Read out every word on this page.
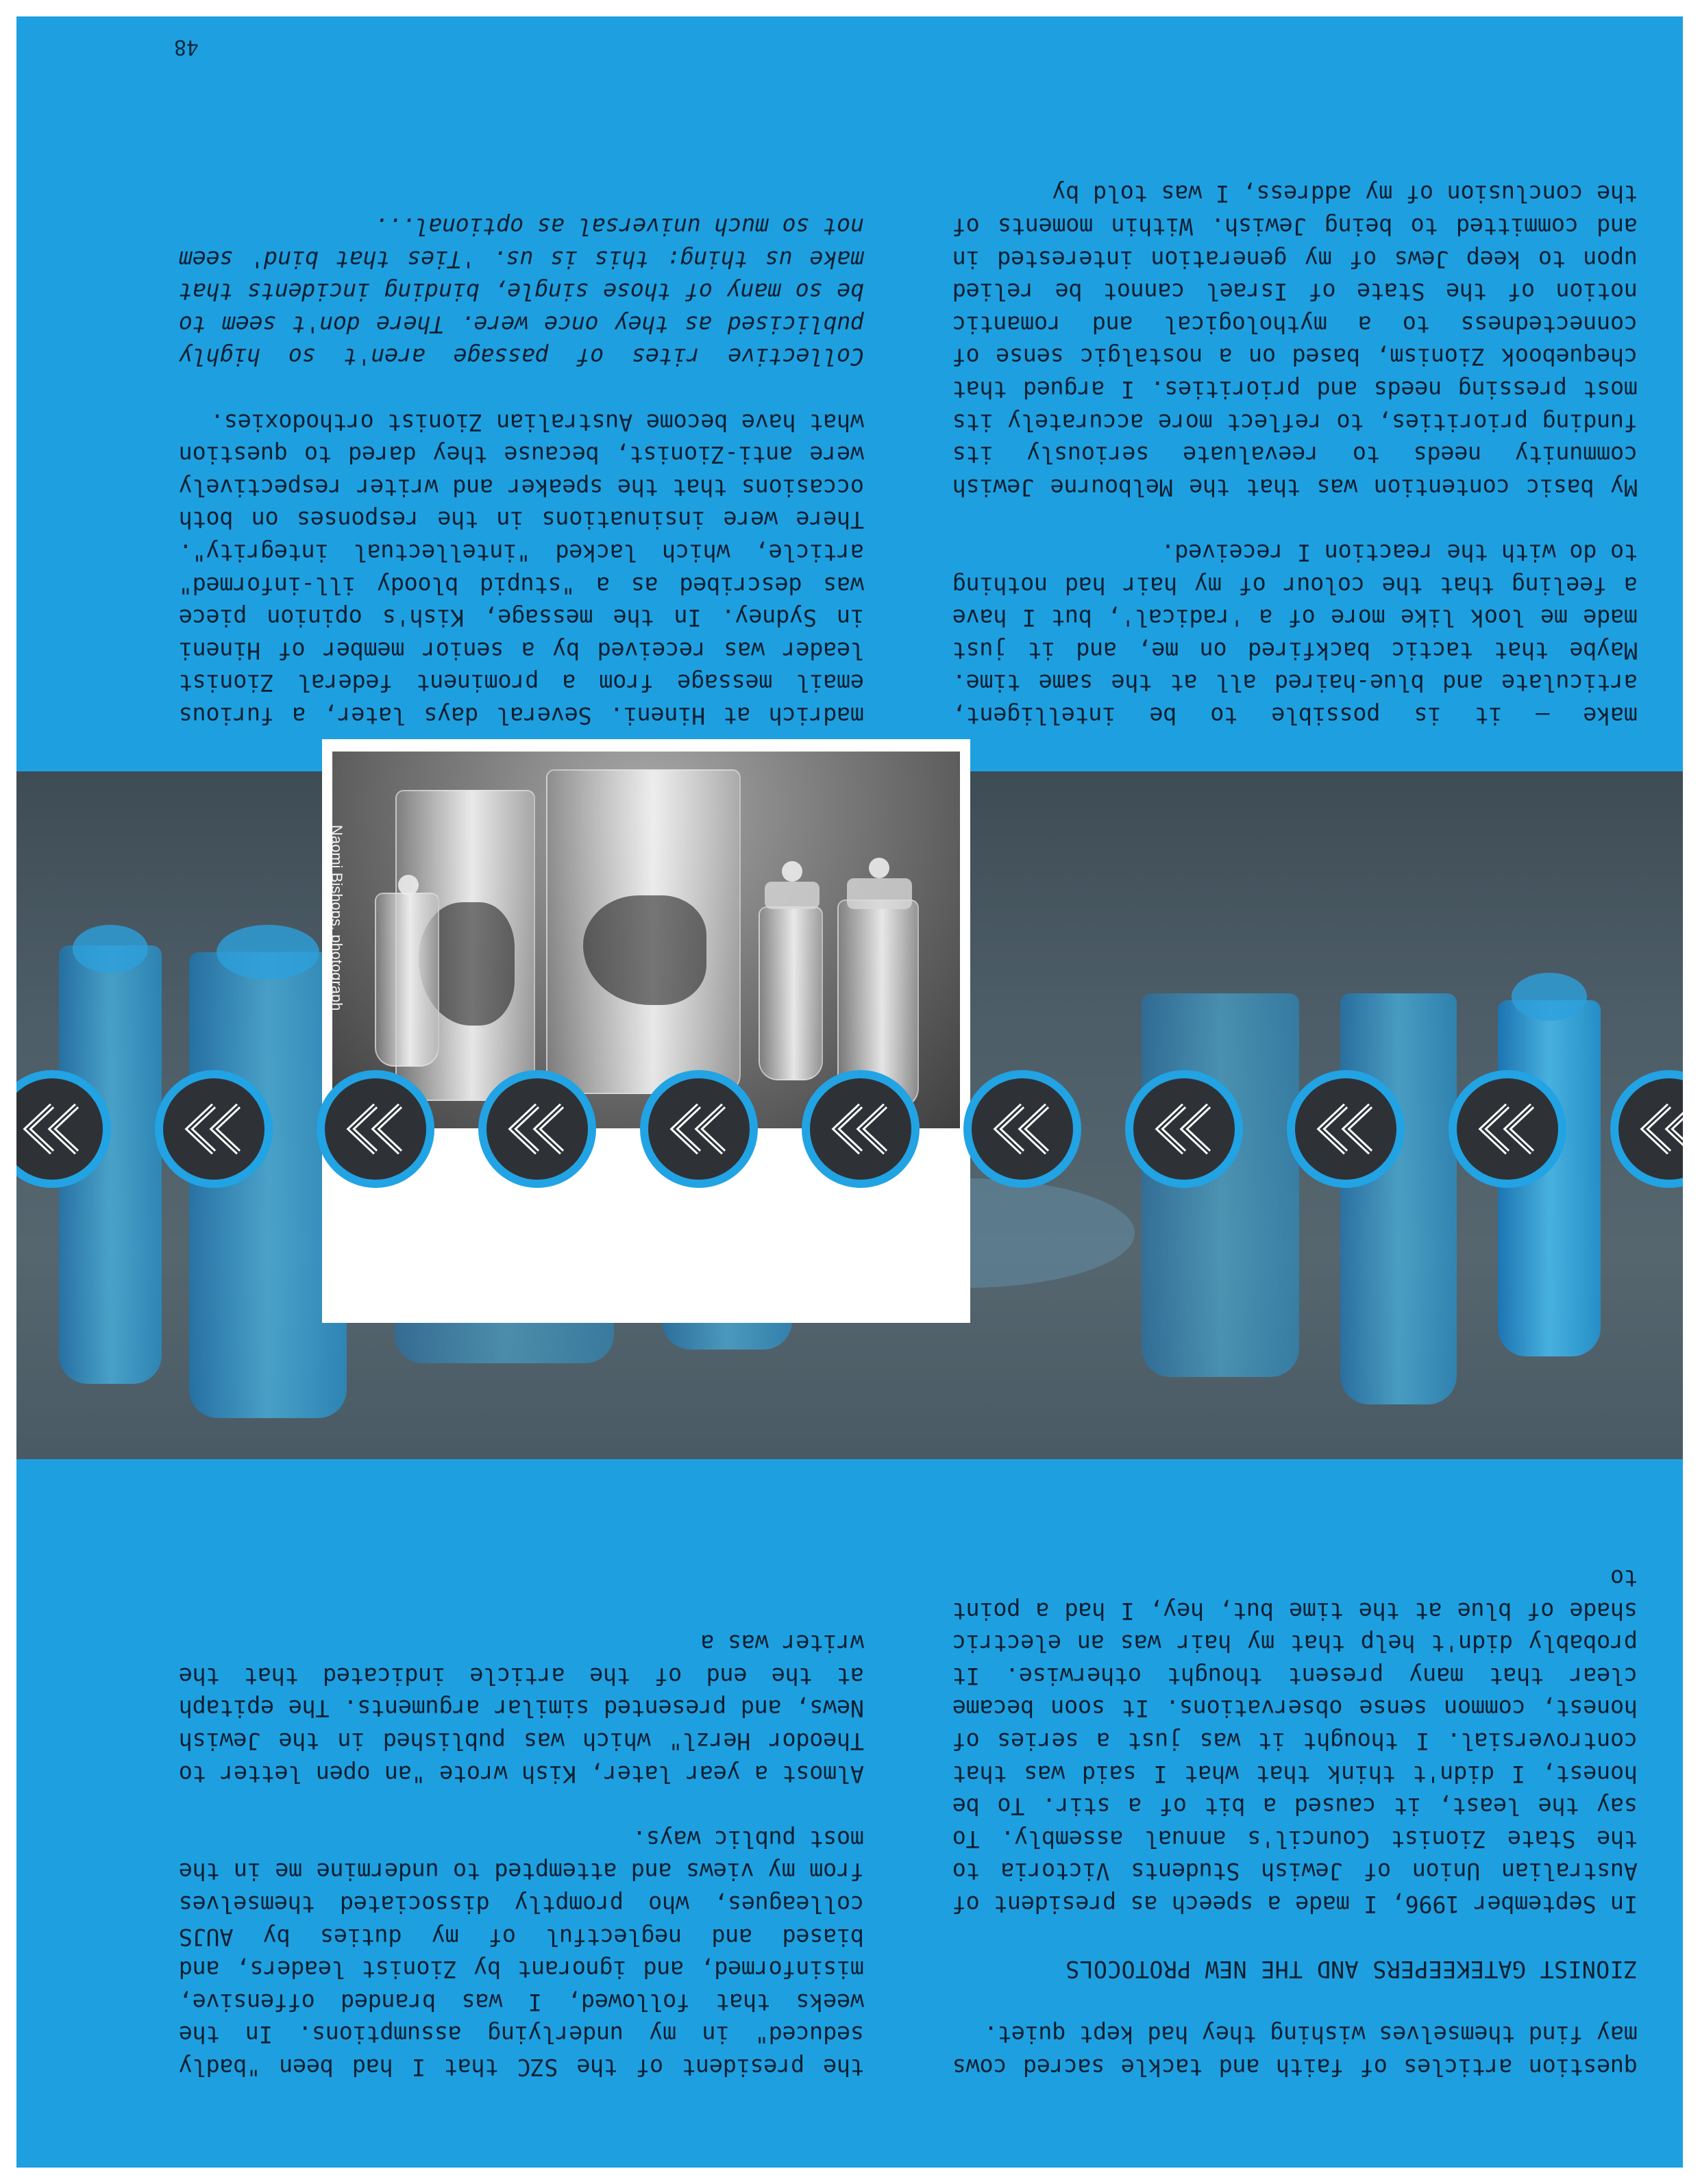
48

question articles of faith and tackle sacred cows may find themselves wishing they had kept quiet.

ZIONIST GATEKEEPERS AND THE NEW PROTOCOLS

In September 1996, I made a speech as president of Australian Union of Jewish Students Victoria to the State Zionist Council's annual assembly. To say the least, it caused a bit of a stir. To be honest, I didn't think that what I said was that controversial. I thought it was just a series of honest, common sense observations. It soon became clear that many present thought otherwise. It probably didn't help that my hair was an electric shade of blue at the time but, hey, I had a point to

the president of the SZC that I had been "badly seduced" in my underlying assumptions. In the weeks that followed, I was branded offensive, misinformed, and ignorant by Zionist leaders, and biased and neglectful of my duties by AUJS colleagues, who promptly dissociated themselves from my views and attempted to undermine me in the most public ways.

Almost a year later, Kish wrote "an open letter to Theodor Herzl" which was published in the Jewish News, and presented similar arguments. The epitaph at the end of the article indicated that the writer was a

Naomi Bishops, photograph

make – it is possible to be intelligent, articulate and blue-haired all at the same time. Maybe that tactic backfired on me, and it just made me look like more of a 'radical', but I have a feeling that the colour of my hair had nothing to do with the reaction I received.

My basic contention was that the Melbourne Jewish community needs to reevaluate seriously its funding priorities, to reflect more accurately its most pressing needs and priorities. I argued that chequebook Zionism, based on a nostalgic sense of connectedness to a mythological and romantic notion of the State of Israel cannot be relied upon to keep Jews of my generation interested in and committed to being Jewish. Within moments of the conclusion of my address, I was told by

madrich at Hineni. Several days later, a furious email message from a prominent federal Zionist leader was received by a senior member of Hineni in Sydney. In the message, Kish's opinion piece was described as a "stupid bloody ill-informed" article, which lacked "intellectual integrity". There were insinuations in the responses on both occasions that the speaker and writer respectively were anti-Zionist, because they dared to question what have become Australian Zionist orthodoxies.

Collective rites of passage aren't so highly publicised as they once were. There don't seem to be so many of those single, binding incidents that make us thing: this is us. 'Ties that bind' seem not so much universal as optional...
